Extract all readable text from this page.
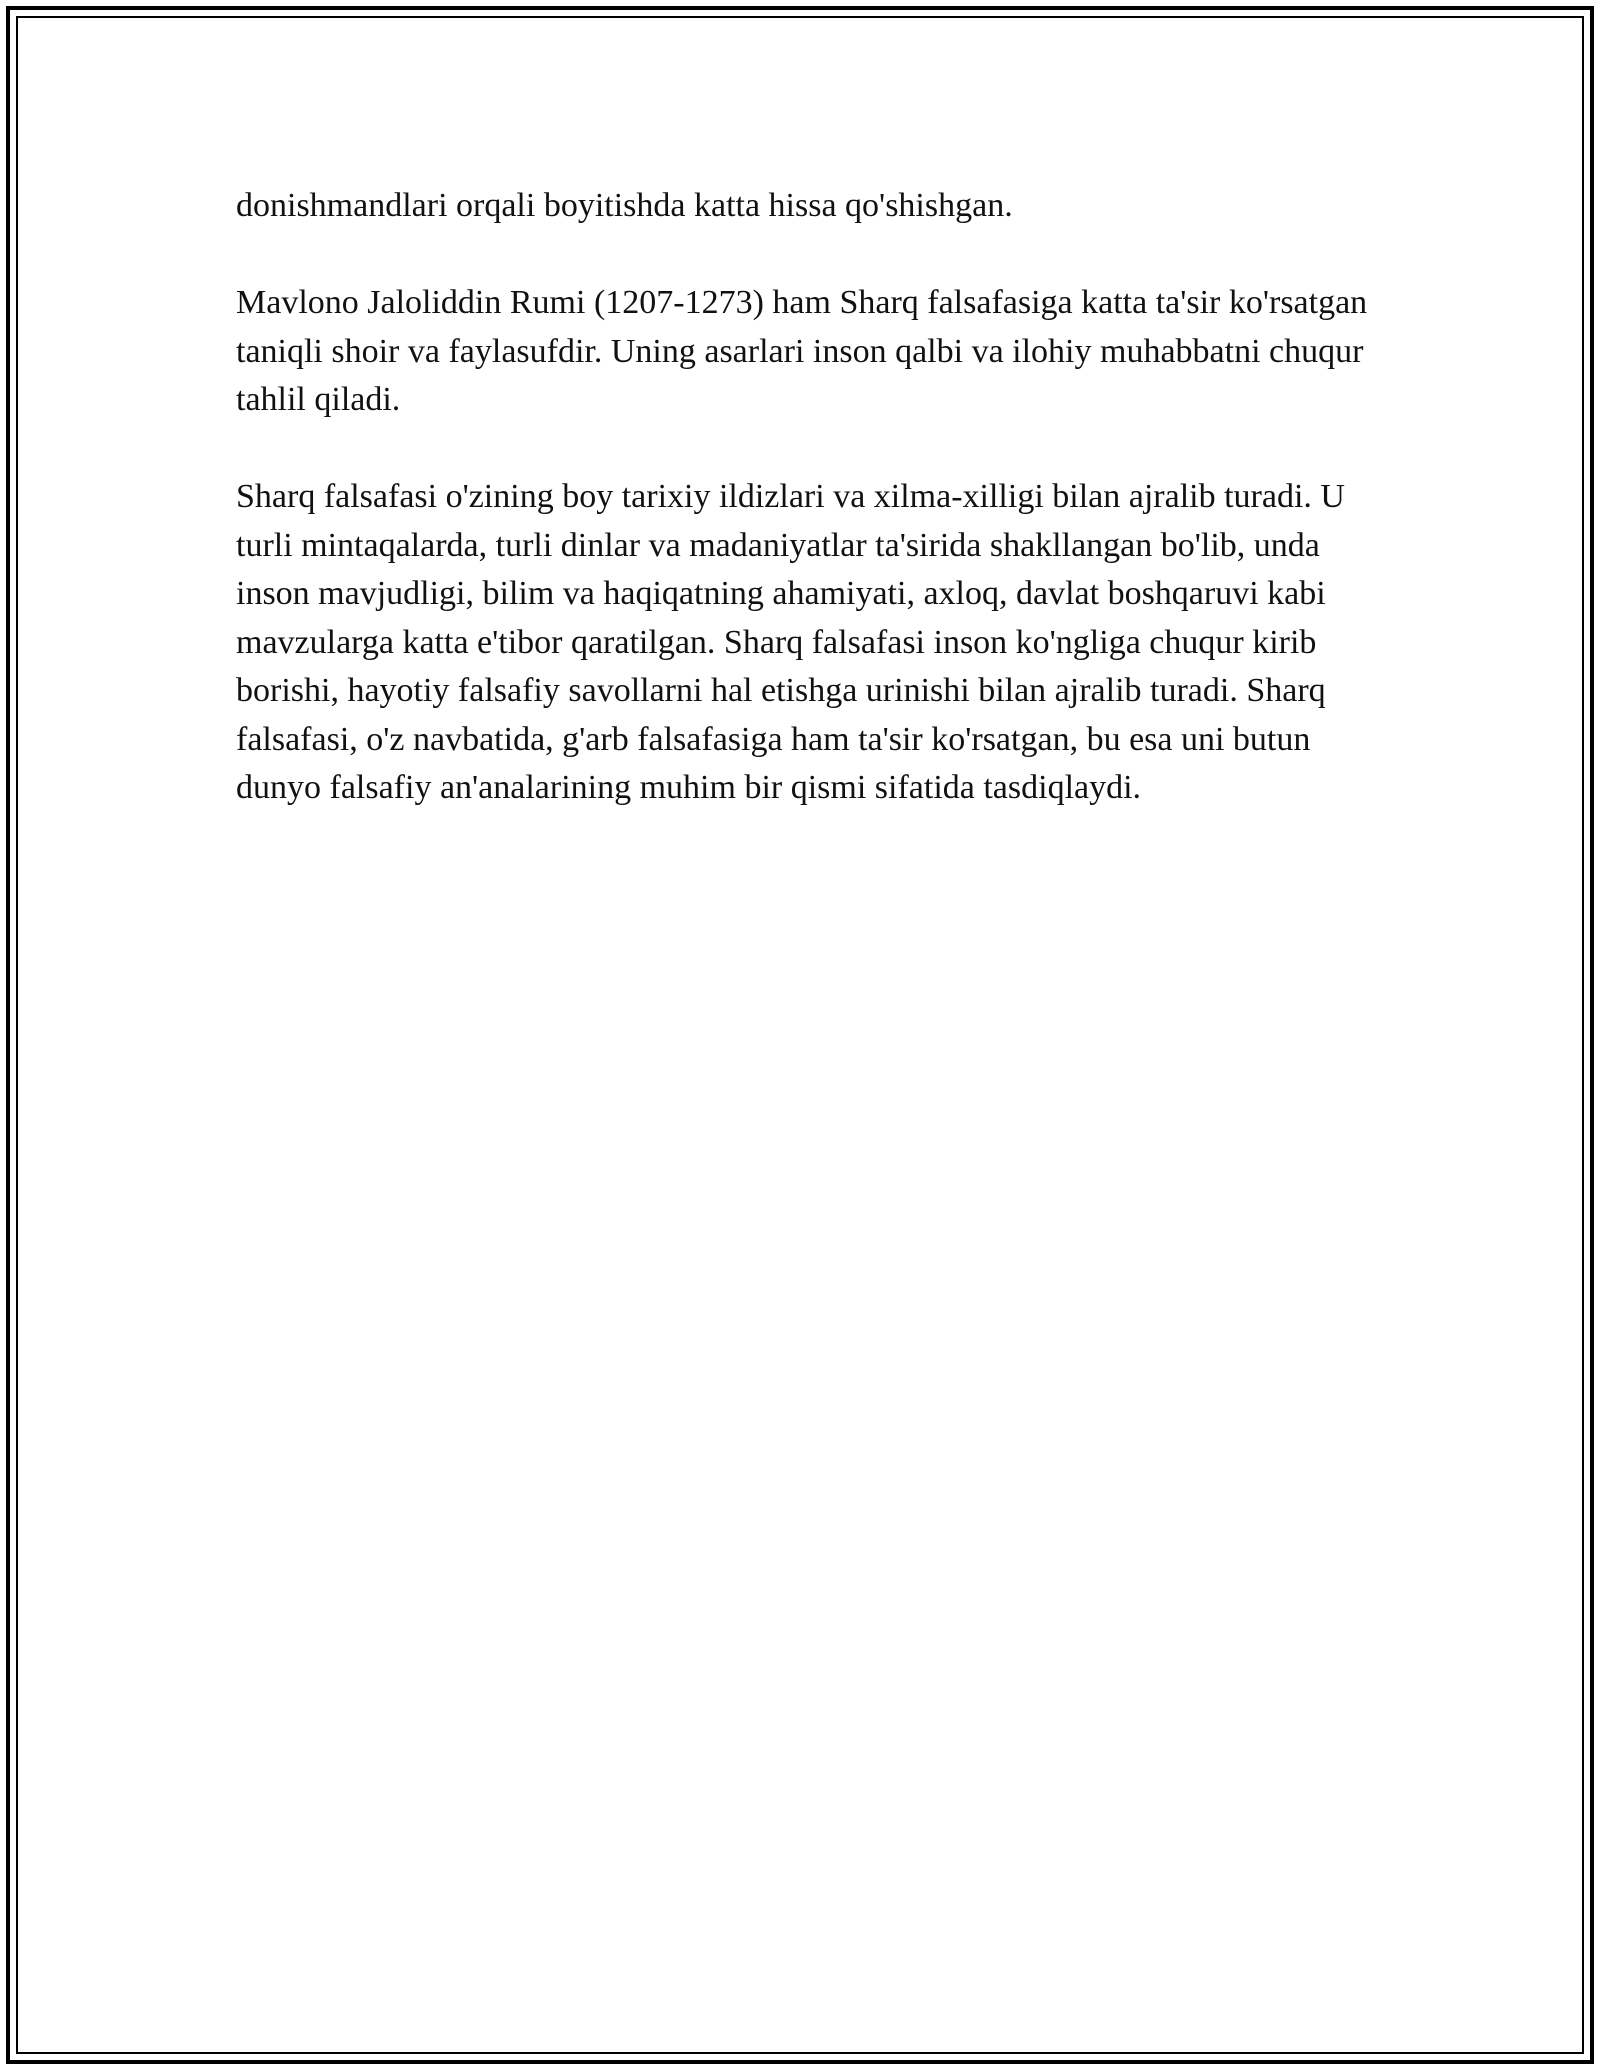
donishmandlari orqali boyitishda katta hissa qo'shishgan.

Mavlono Jaloliddin Rumi (1207-1273) ham Sharq falsafasiga katta ta'sir ko'rsatgan taniqli shoir va faylasufdir. Uning asarlari inson qalbi va ilohiy muhabbatni chuqur tahlil qiladi.

Sharq falsafasi o'zining boy tarixiy ildizlari va xilma-xilligi bilan ajralib turadi. U turli mintaqalarda, turli dinlar va madaniyatlar ta'sirida shakllangan bo'lib, unda inson mavjudligi, bilim va haqiqatning ahamiyati, axloq, davlat boshqaruvi kabi mavzularga katta e'tibor qaratilgan. Sharq falsafasi inson ko'ngliga chuqur kirib borishi, hayotiy falsafiy savollarni hal etishga urinishi bilan ajralib turadi. Sharq falsafasi, o'z navbatida, g'arb falsafasiga ham ta'sir ko'rsatgan, bu esa uni butun dunyo falsafiy an'analarining muhim bir qismi sifatida tasdiqlaydi.
